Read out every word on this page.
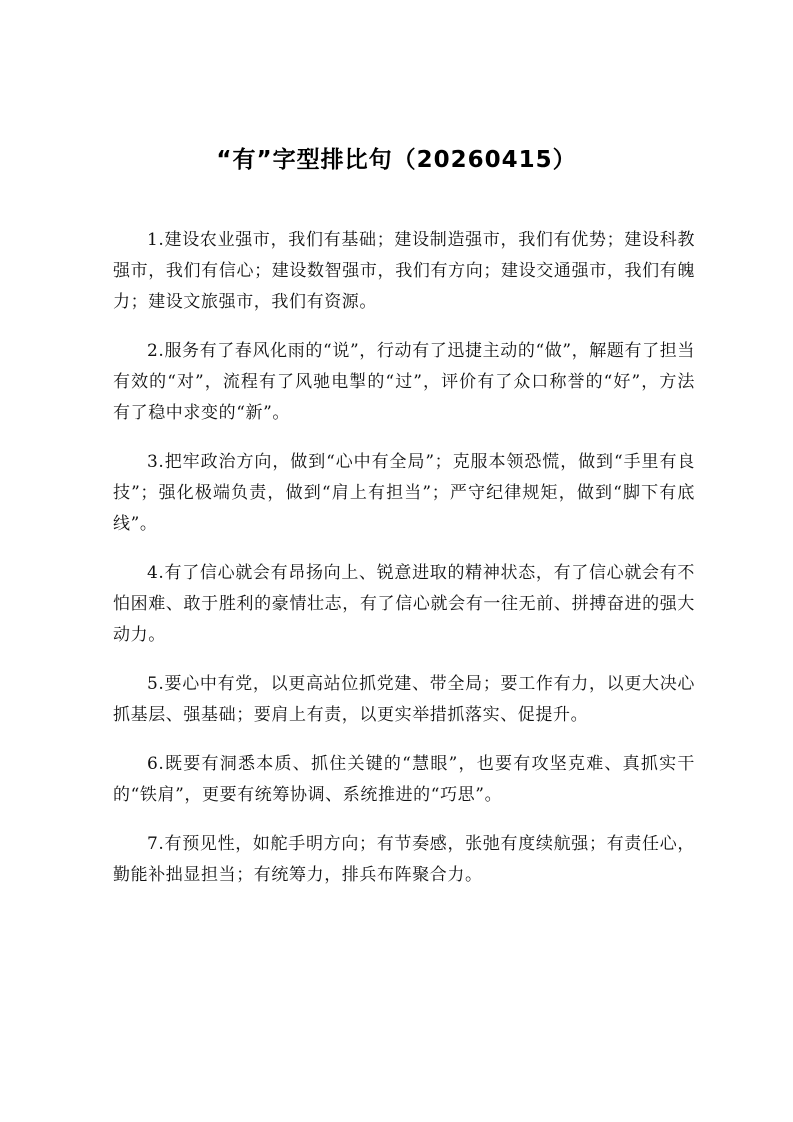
“有”字型排比句（20260415）

1.建设农业强市，我们有基础；建设制造强市，我们有优势；建设科教强市，我们有信心；建设数智强市，我们有方向；建设交通强市，我们有魄力；建设文旅强市，我们有资源。

2.服务有了春风化雨的“说”，行动有了迅捷主动的“做”，解题有了担当有效的“对”，流程有了风驰电掣的“过”，评价有了众口称誉的“好”，方法有了稳中求变的“新”。

3.把牢政治方向，做到“心中有全局”；克服本领恐慌，做到“手里有良技”；强化极端负责，做到“肩上有担当”；严守纪律规矩，做到“脚下有底线”。

4.有了信心就会有昂扬向上、锐意进取的精神状态，有了信心就会有不怕困难、敢于胜利的豪情壮志，有了信心就会有一往无前、拼搏奋进的强大动力。

5.要心中有党，以更高站位抓党建、带全局；要工作有力，以更大决心抓基层、强基础；要肩上有责，以更实举措抓落实、促提升。

6.既要有洞悉本质、抓住关键的“慧眼”，也要有攻坚克难、真抓实干的“铁肩”，更要有统筹协调、系统推进的“巧思”。

7.有预见性，如舵手明方向；有节奏感，张弛有度续航强；有责任心，勤能补拙显担当；有统筹力，排兵布阵聚合力。
